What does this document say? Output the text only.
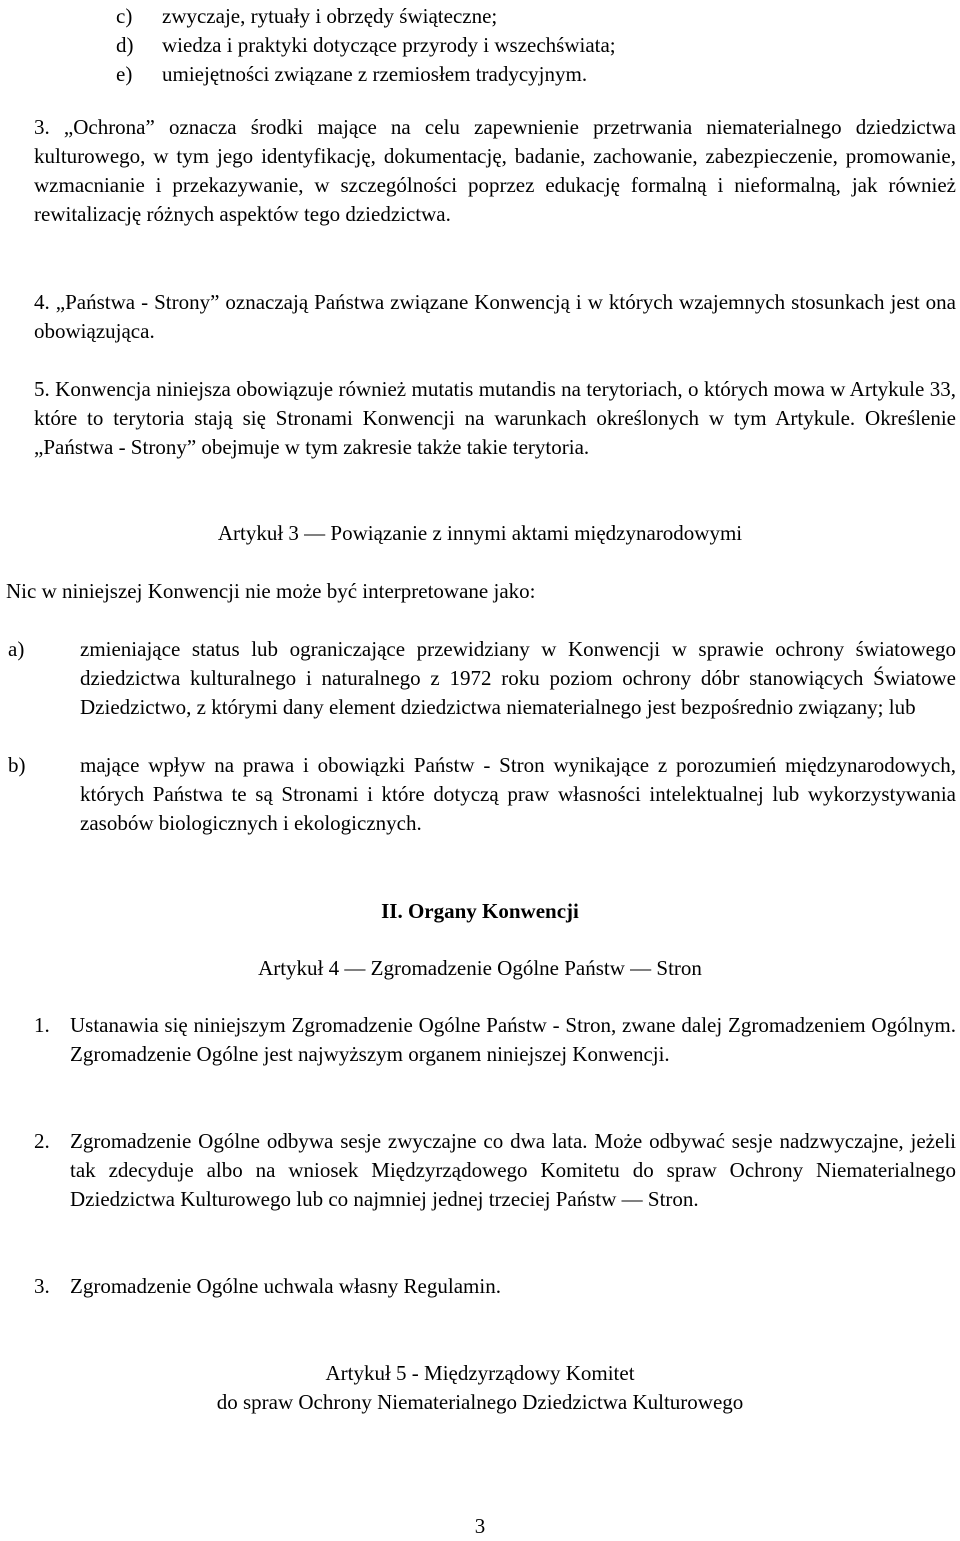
c) zwyczaje, rytuały i obrzędy świąteczne;
d) wiedza i praktyki dotyczące przyrody i wszechświata;
e) umiejętności związane z rzemiosłem tradycyjnym.
3. „Ochrona” oznacza środki mające na celu zapewnienie przetrwania niematerialnego dziedzictwa kulturowego, w tym jego identyfikację, dokumentację, badanie, zachowanie, zabezpieczenie, promowanie, wzmacnianie i przekazywanie, w szczególności poprzez edukację formalną i nieformalną, jak również rewitalizację różnych aspektów tego dziedzictwa.
4. „Państwa - Strony” oznaczają Państwa związane Konwencją i w których wzajemnych stosunkach jest ona obowiązująca.
5. Konwencja niniejsza obowiązuje również mutatis mutandis na terytoriach, o których mowa w Artykule 33, które to terytoria stają się Stronami Konwencji na warunkach określonych w tym Artykule. Określenie „Państwa - Strony” obejmuje w tym zakresie także takie terytoria.
Artykuł 3 — Powiązanie z innymi aktami międzynarodowymi
Nic w niniejszej Konwencji nie może być interpretowane jako:
a)	zmieniające status lub ograniczające przewidziany w Konwencji w sprawie ochrony światowego dziedzictwa kulturalnego i naturalnego z 1972 roku poziom ochrony dóbr stanowiących Światowe Dziedzictwo, z którymi dany element dziedzictwa niematerialnego jest bezpośrednio związany; lub
b)	mające wpływ na prawa i obowiązki Państw - Stron wynikające z porozumień międzynarodowych, których Państwa te są Stronami i które dotyczą praw własności intelektualnej lub wykorzystywania zasobów biologicznych i ekologicznych.
II. Organy Konwencji
Artykuł 4 — Zgromadzenie Ogólne Państw — Stron
1. Ustanawia się niniejszym Zgromadzenie Ogólne Państw - Stron, zwane dalej Zgromadzeniem Ogólnym. Zgromadzenie Ogólne jest najwyższym organem niniejszej Konwencji.
2. Zgromadzenie Ogólne odbywa sesje zwyczajne co dwa lata. Może odbywać sesje nadzwyczajne, jeżeli tak zdecyduje albo na wniosek Międzyrządowego Komitetu do spraw Ochrony Niematerialnego Dziedzictwa Kulturowego lub co najmniej jednej trzeciej Państw — Stron.
3. Zgromadzenie Ogólne uchwala własny Regulamin.
Artykuł 5 - Międzyrządowy Komitet
do spraw Ochrony Niematerialnego Dziedzictwa Kulturowego
3
